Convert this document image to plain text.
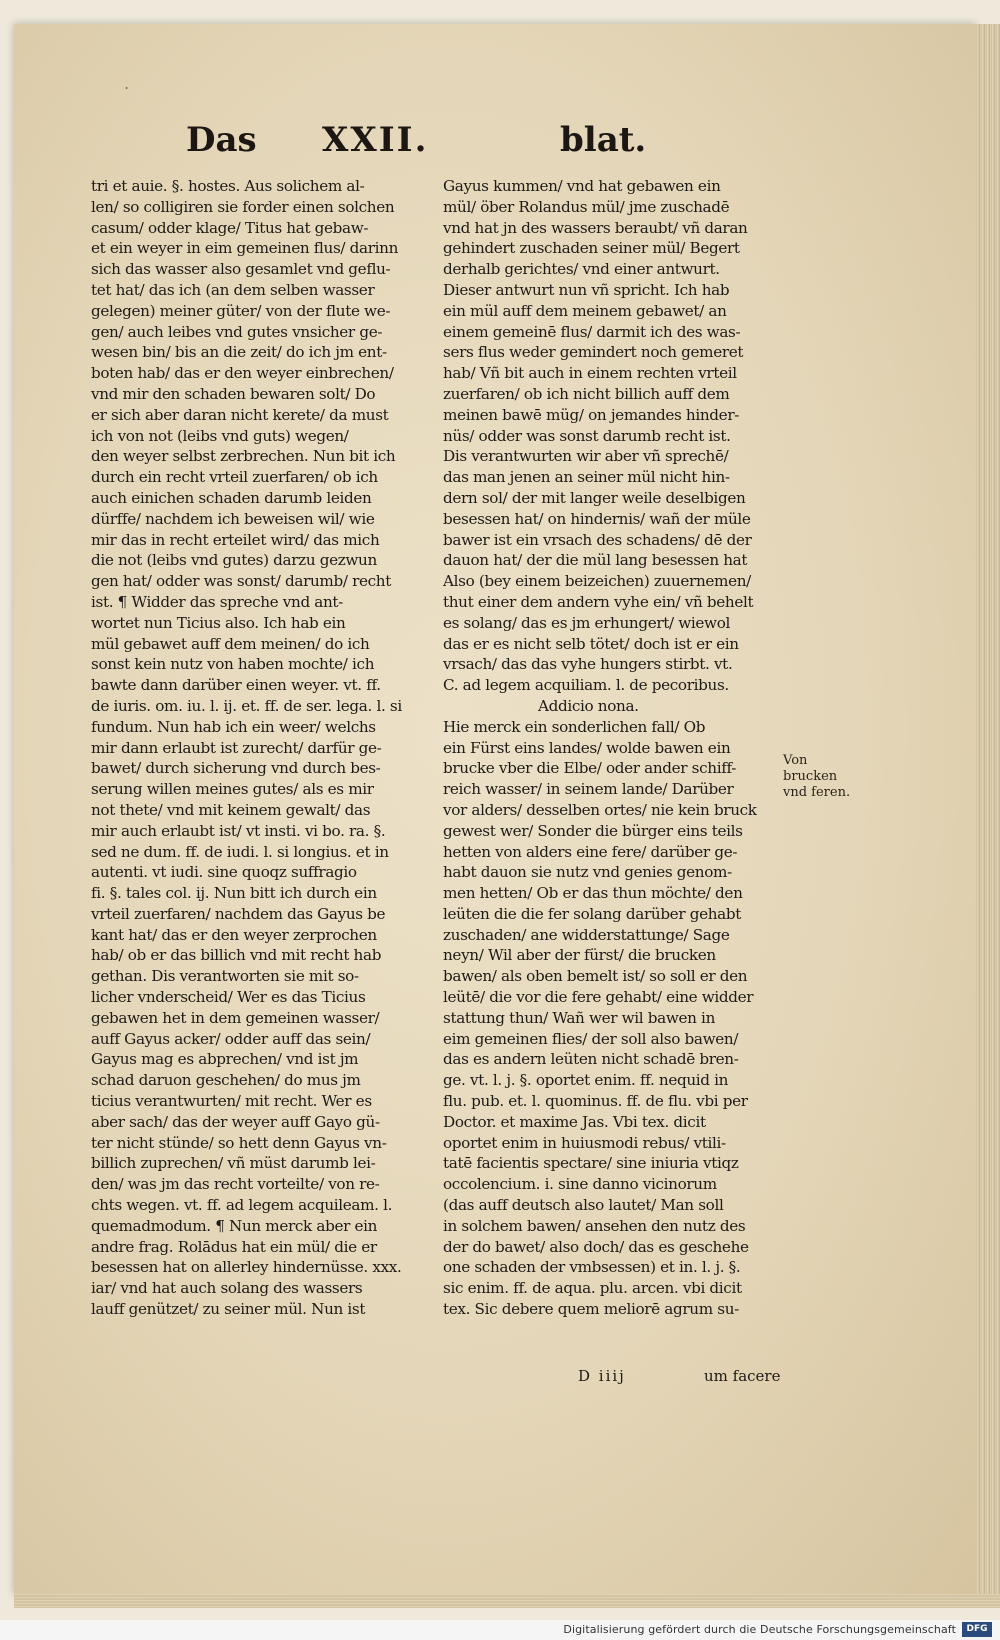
.
Das XXII.	blat.
tri et auie. §. hostes. Aus solichem al-
len/ so colligiren sie forder einen solchen
casum/ odder klage/ Titus hat gebaw-
et ein weyer in eim gemeinen flus/ darinn
sich das wasser also gesamlet vnd geflu-
tet hat/ das ich (an dem selben wasser
gelegen) meiner güter/ von der flute we-
gen/ auch leibes vnd gutes vnsicher ge-
wesen bin/ bis an die zeit/ do ich jm ent-
boten hab/ das er den weyer einbrechen/
vnd mir den schaden bewaren solt/ Do
er sich aber daran nicht kerete/ da must
ich von not (leibs vnd guts) wegen/
den weyer selbst zerbrechen. Nun bit ich
durch ein recht vrteil zuerfaren/ ob ich
auch einichen schaden darumb leiden
dürffe/ nachdem ich beweisen wil/ wie
mir das in recht erteilet wird/ das mich
die not (leibs vnd gutes) darzu gezwun
gen hat/ odder was sonst/ darumb/ recht
ist. ¶ Widder das spreche vnd ant-
wortet nun Ticius also. Ich hab ein
mül gebawet auff dem meinen/ do ich
sonst kein nutz von haben mochte/ ich
bawte dann darüber einen weyer. vt. ff.
de iuris. om. iu. l. ij. et. ff. de ser. lega. l. si
fundum. Nun hab ich ein weer/ welchs
mir dann erlaubt ist zurecht/ darfür ge-
bawet/ durch sicherung vnd durch bes-
serung willen meines gutes/ als es mir
not thete/ vnd mit keinem gewalt/ das
mir auch erlaubt ist/ vt insti. vi bo. ra. §.
sed ne dum. ff. de iudi. l. si longius. et in
autenti. vt iudi. sine quoqz suffragio
fi. §. tales col. ij. Nun bitt ich durch ein
vrteil zuerfaren/ nachdem das Gayus be
kant hat/ das er den weyer zerprochen
hab/ ob er das billich vnd mit recht hab
gethan. Dis verantworten sie mit so-
licher vnderscheid/ Wer es das Ticius
gebawen het in dem gemeinen wasser/
auff Gayus acker/ odder auff das sein/
Gayus mag es abprechen/ vnd ist jm
schad daruon geschehen/ do mus jm
ticius verantwurten/ mit recht. Wer es
aber sach/ das der weyer auff Gayo gü-
ter nicht stünde/ so hett denn Gayus vn-
billich zuprechen/ vñ müst darumb lei-
den/ was jm das recht vorteilte/ von re-
chts wegen. vt. ff. ad legem acquileam. l.
quemadmodum. ¶ Nun merck aber ein
andre frag. Rolādus hat ein mül/ die er
besessen hat on allerley hindernüsse. xxx.
iar/ vnd hat auch solang des wassers
lauff genützet/ zu seiner mül. Nun ist
Gayus kummen/ vnd hat gebawen ein
mül/ öber Rolandus mül/ jme zuschadē
vnd hat jn des wassers beraubt/ vñ daran
gehindert zuschaden seiner mül/ Begert
derhalb gerichtes/ vnd einer antwurt.
Dieser antwurt nun vñ spricht. Ich hab
ein mül auff dem meinem gebawet/ an
einem gemeinē flus/ darmit ich des was-
sers flus weder gemindert noch gemeret
hab/ Vñ bit auch in einem rechten vrteil
zuerfaren/ ob ich nicht billich auff dem
meinen bawē müg/ on jemandes hinder-
nüs/ odder was sonst darumb recht ist.
Dis verantwurten wir aber vñ sprechē/
das man jenen an seiner mül nicht hin-
dern sol/ der mit langer weile deselbigen
besessen hat/ on hindernis/ wañ der müle
bawer ist ein vrsach des schadens/ dē der
dauon hat/ der die mül lang besessen hat
Also (bey einem beizeichen) zuuernemen/
thut einer dem andern vyhe ein/ vñ behelt
es solang/ das es jm erhungert/ wiewol
das er es nicht selb tötet/ doch ist er ein
vrsach/ das das vyhe hungers stirbt. vt.
C. ad legem acquiliam. l. de pecoribus.
Addicio nona.
Hie merck ein sonderlichen fall/ Ob
ein Fürst eins landes/ wolde bawen ein
brucke vber die Elbe/ oder ander schiff-
reich wasser/ in seinem lande/ Darüber
vor alders/ desselben ortes/ nie kein bruck
gewest wer/ Sonder die bürger eins teils
hetten von alders eine fere/ darüber ge-
habt dauon sie nutz vnd genies genom-
men hetten/ Ob er das thun möchte/ den
leüten die die fer solang darüber gehabt
zuschaden/ ane widderstattunge/ Sage
neyn/ Wil aber der fürst/ die brucken
bawen/ als oben bemelt ist/ so soll er den
leütē/ die vor die fere gehabt/ eine widder
stattung thun/ Wañ wer wil bawen in
eim gemeinen flies/ der soll also bawen/
das es andern leüten nicht schadē bren-
ge. vt. l. j. §. oportet enim. ff. nequid in
flu. pub. et. l. quominus. ff. de flu. vbi per
Doctor. et maxime Jas. Vbi tex. dicit
oportet enim in huiusmodi rebus/ vtili-
tatē facientis spectare/ sine iniuria vtiqz
occolencium. i. sine danno vicinorum
(das auff deutsch also lautet/ Man soll
in solchem bawen/ ansehen den nutz des
der do bawet/ also doch/ das es geschehe
one schaden der vmbsessen) et in. l. j. §.
sic enim. ff. de aqua. plu. arcen. vbi dicit
tex. Sic debere quem meliorē agrum su-
Von brucken
vnd feren.
D iiij	um facere
Digitalisierung gefördert durch die Deutsche Forschungsgemeinschaft	DFG
